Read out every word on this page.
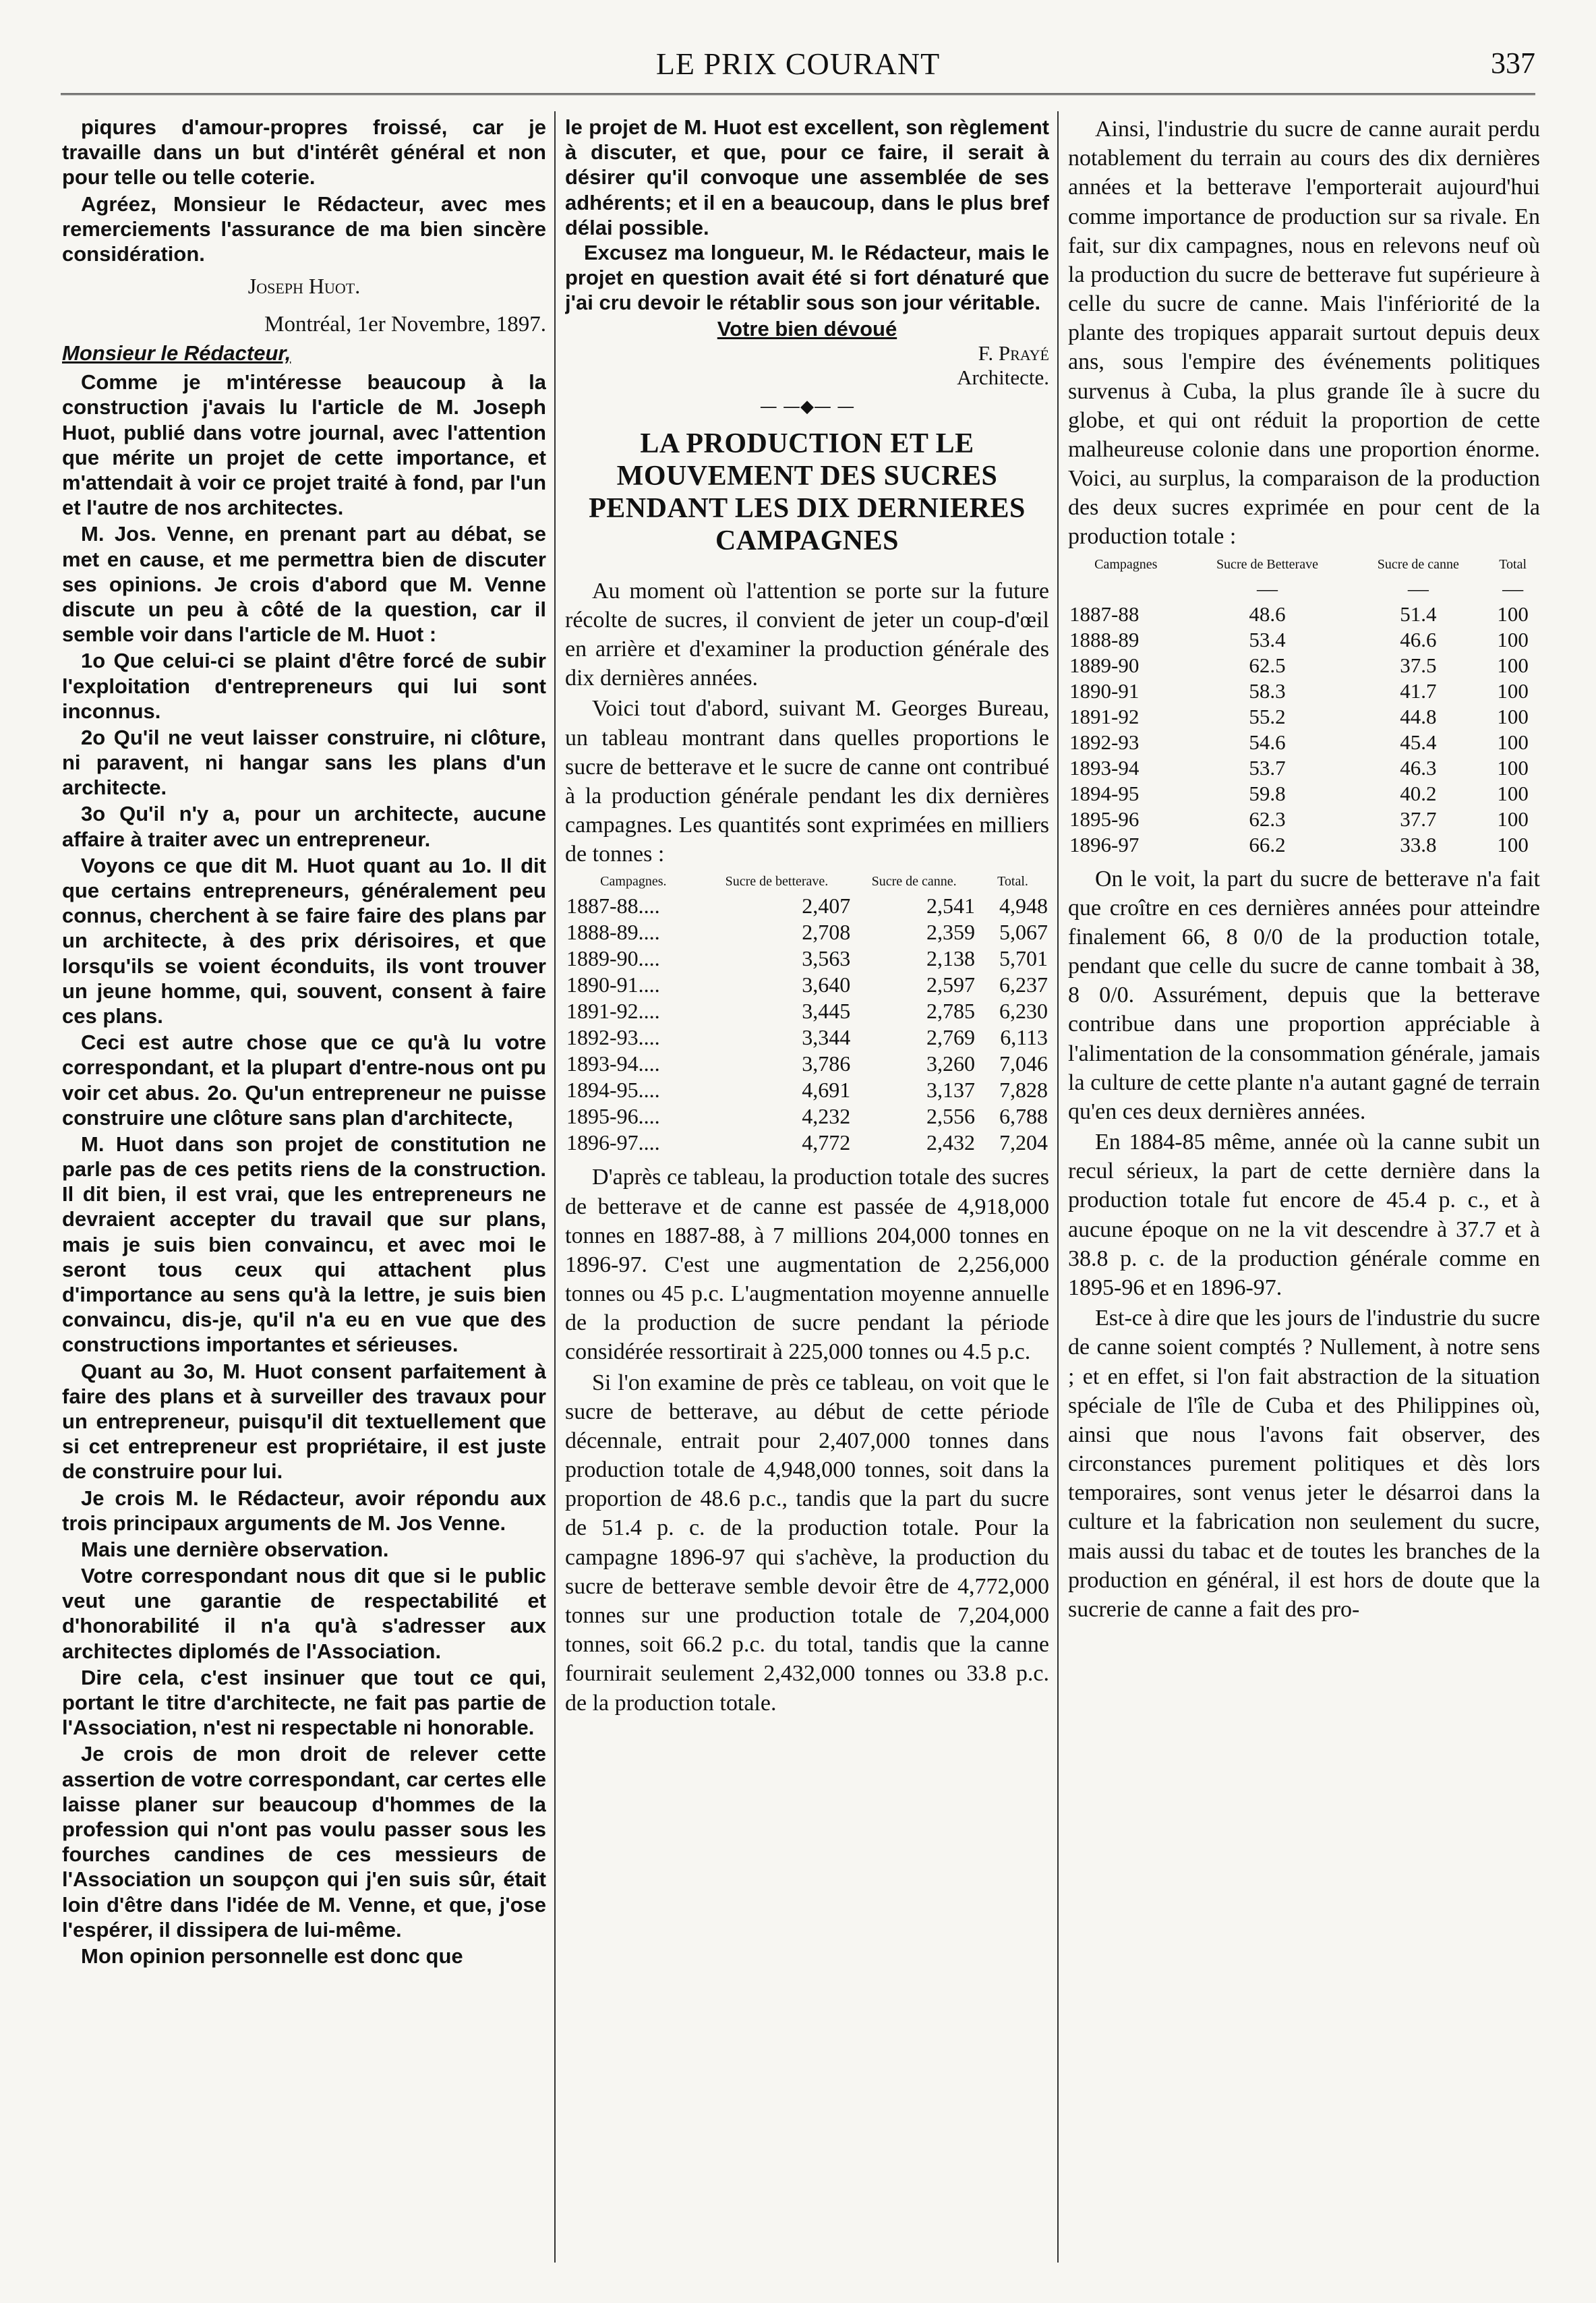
LE PRIX COURANT	337

piqures d'amour-propres froissé, car je travaille dans un but d'intérêt général et non pour telle ou telle coterie.

Agréez, Monsieur le Rédacteur, avec mes remerciements l'assurance de ma bien sincère considération.

Joseph Huot.
Montréal, 1er Novembre, 1897.
Monsieur le Rédacteur,

Comme je m'intéresse beaucoup à la construction j'avais lu l'article de M. Joseph Huot, publié dans votre journal, avec l'attention que mérite un projet de cette importance, et m'attendait à voir ce projet traité à fond, par l'un et l'autre de nos architectes.

M. Jos. Venne, en prenant part au débat, se met en cause, et me permettra bien de discuter ses opinions. Je crois d'abord que M. Venne discute un peu à côté de la question, car il semble voir dans l'article de M. Huot :

1o Que celui-ci se plaint d'être forcé de subir l'exploitation d'entrepreneurs qui lui sont inconnus.

2o Qu'il ne veut laisser construire, ni clôture, ni paravent, ni hangar sans les plans d'un architecte.

3o Qu'il n'y a, pour un architecte, aucune affaire à traiter avec un entrepreneur.

Voyons ce que dit M. Huot quant au 1o. Il dit que certains entrepreneurs, généralement peu connus, cherchent à se faire faire des plans par un architecte, à des prix dérisoires, et que lorsqu'ils se voient éconduits, ils vont trouver un jeune homme, qui, souvent, consent à faire ces plans.

Ceci est autre chose que ce qu'à lu votre correspondant, et la plupart d'entre-nous ont pu voir cet abus. 2o. Qu'un entrepreneur ne puisse construire une clôture sans plan d'architecte,

M. Huot dans son projet de constitution ne parle pas de ces petits riens de la construction. Il dit bien, il est vrai, que les entrepreneurs ne devraient accepter du travail que sur plans, mais je suis bien convaincu, et avec moi le seront tous ceux qui attachent plus d'importance au sens qu'à la lettre, je suis bien convaincu, dis-je, qu'il n'a eu en vue que des constructions importantes et sérieuses.

Quant au 3o, M. Huot consent parfaitement à faire des plans et à surveiller des travaux pour un entrepreneur, puisqu'il dit textuellement que si cet entrepreneur est propriétaire, il est juste de construire pour lui.

Je crois M. le Rédacteur, avoir répondu aux trois principaux arguments de M. Jos Venne.

Mais une dernière observation.

Votre correspondant nous dit que si le public veut une garantie de respectabilité et d'honorabilité il n'a qu'à s'adresser aux architectes diplomés de l'Association.

Dire cela, c'est insinuer que tout ce qui, portant le titre d'architecte, ne fait pas partie de l'Association, n'est ni respectable ni honorable.

Je crois de mon droit de relever cette assertion de votre correspondant, car certes elle laisse planer sur beaucoup d'hommes de la profession qui n'ont pas voulu passer sous les fourches candines de ces messieurs de l'Association un soupçon qui j'en suis sûr, était loin d'être dans l'idée de M. Venne, et que, j'ose l'espérer, il dissipera de lui-même.

Mon opinion personnelle est donc que

le projet de M. Huot est excellent, son règlement à discuter, et que, pour ce faire, il serait à désirer qu'il convoque une assemblée de ses adhérents; et il en a beaucoup, dans le plus bref délai possible.

Excusez ma longueur, M. le Rédacteur, mais le projet en question avait été si fort dénaturé que j'ai cru devoir le rétablir sous son jour véritable.

Votre bien dévoué
F. Prayé
Architecte.
— —◆— —
LA PRODUCTION ET LE MOUVEMENT DES SUCRES PENDANT LES DIX DERNIERES CAMPAGNES

Au moment où l'attention se porte sur la future récolte de sucres, il convient de jeter un coup-d'œil en arrière et d'examiner la production générale des dix dernières années.

Voici tout d'abord, suivant M. Georges Bureau, un tableau montrant dans quelles proportions le sucre de betterave et le sucre de canne ont contribué à la production générale pendant les dix dernières campagnes. Les quantités sont exprimées en milliers de tonnes :

Campagnes.	Sucre de betterave.	Sucre de canne.	Total.
1887-88....	2,407	2,541	4,948
1888-89....	2,708	2,359	5,067
1889-90....	3,563	2,138	5,701
1890-91....	3,640	2,597	6,237
1891-92....	3,445	2,785	6,230
1892-93....	3,344	2,769	6,113
1893-94....	3,786	3,260	7,046
1894-95....	4,691	3,137	7,828
1895-96....	4,232	2,556	6,788
1896-97....	4,772	2,432	7,204

D'après ce tableau, la production totale des sucres de betterave et de canne est passée de 4,918,000 tonnes en 1887-88, à 7 millions 204,000 tonnes en 1896-97. C'est une augmentation de 2,256,000 tonnes ou 45 p.c. L'augmentation moyenne annuelle de la production de sucre pendant la période considérée ressortirait à 225,000 tonnes ou 4.5 p.c.

Si l'on examine de près ce tableau, on voit que le sucre de betterave, au début de cette période décennale, entrait pour 2,407,000 tonnes dans production totale de 4,948,000 tonnes, soit dans la proportion de 48.6 p.c., tandis que la part du sucre de 51.4 p. c. de la production totale. Pour la campagne 1896-97 qui s'achève, la production du sucre de betterave semble devoir être de 4,772,000 tonnes sur une production totale de 7,204,000 tonnes, soit 66.2 p.c. du total, tandis que la canne fournirait seulement 2,432,000 tonnes ou 33.8 p.c. de la production totale.

Ainsi, l'industrie du sucre de canne aurait perdu notablement du terrain au cours des dix dernières années et la betterave l'emporterait aujourd'hui comme importance de production sur sa rivale. En fait, sur dix campagnes, nous en relevons neuf où la production du sucre de betterave fut supérieure à celle du sucre de canne. Mais l'infériorité de la plante des tropiques apparait surtout depuis deux ans, sous l'empire des événements politiques survenus à Cuba, la plus grande île à sucre du globe, et qui ont réduit la proportion de cette malheureuse colonie dans une proportion énorme. Voici, au surplus, la comparaison de la production des deux sucres exprimée en pour cent de la production totale :

Campagnes	Sucre de Betterave	Sucre de canne	Total
	—	—	—
1887-88	48.6	51.4	100
1888-89	53.4	46.6	100
1889-90	62.5	37.5	100
1890-91	58.3	41.7	100
1891-92	55.2	44.8	100
1892-93	54.6	45.4	100
1893-94	53.7	46.3	100
1894-95	59.8	40.2	100
1895-96	62.3	37.7	100
1896-97	66.2	33.8	100

On le voit, la part du sucre de betterave n'a fait que croître en ces dernières années pour atteindre finalement 66, 8 0/0 de la production totale, pendant que celle du sucre de canne tombait à 38, 8 0/0. Assurément, depuis que la betterave contribue dans une proportion appréciable à l'alimentation de la consommation générale, jamais la culture de cette plante n'a autant gagné de terrain qu'en ces deux dernières années.

En 1884-85 même, année où la canne subit un recul sérieux, la part de cette dernière dans la production totale fut encore de 45.4 p. c., et à aucune époque on ne la vit descendre à 37.7 et à 38.8 p. c. de la production générale comme en 1895-96 et en 1896-97.

Est-ce à dire que les jours de l'industrie du sucre de canne soient comptés ? Nullement, à notre sens ; et en effet, si l'on fait abstraction de la situation spéciale de l'île de Cuba et des Philippines où, ainsi que nous l'avons fait observer, des circonstances purement politiques et dès lors temporaires, sont venus jeter le désarroi dans la culture et la fabrication non seulement du sucre, mais aussi du tabac et de toutes les branches de la production en général, il est hors de doute que la sucrerie de canne a fait des pro-
